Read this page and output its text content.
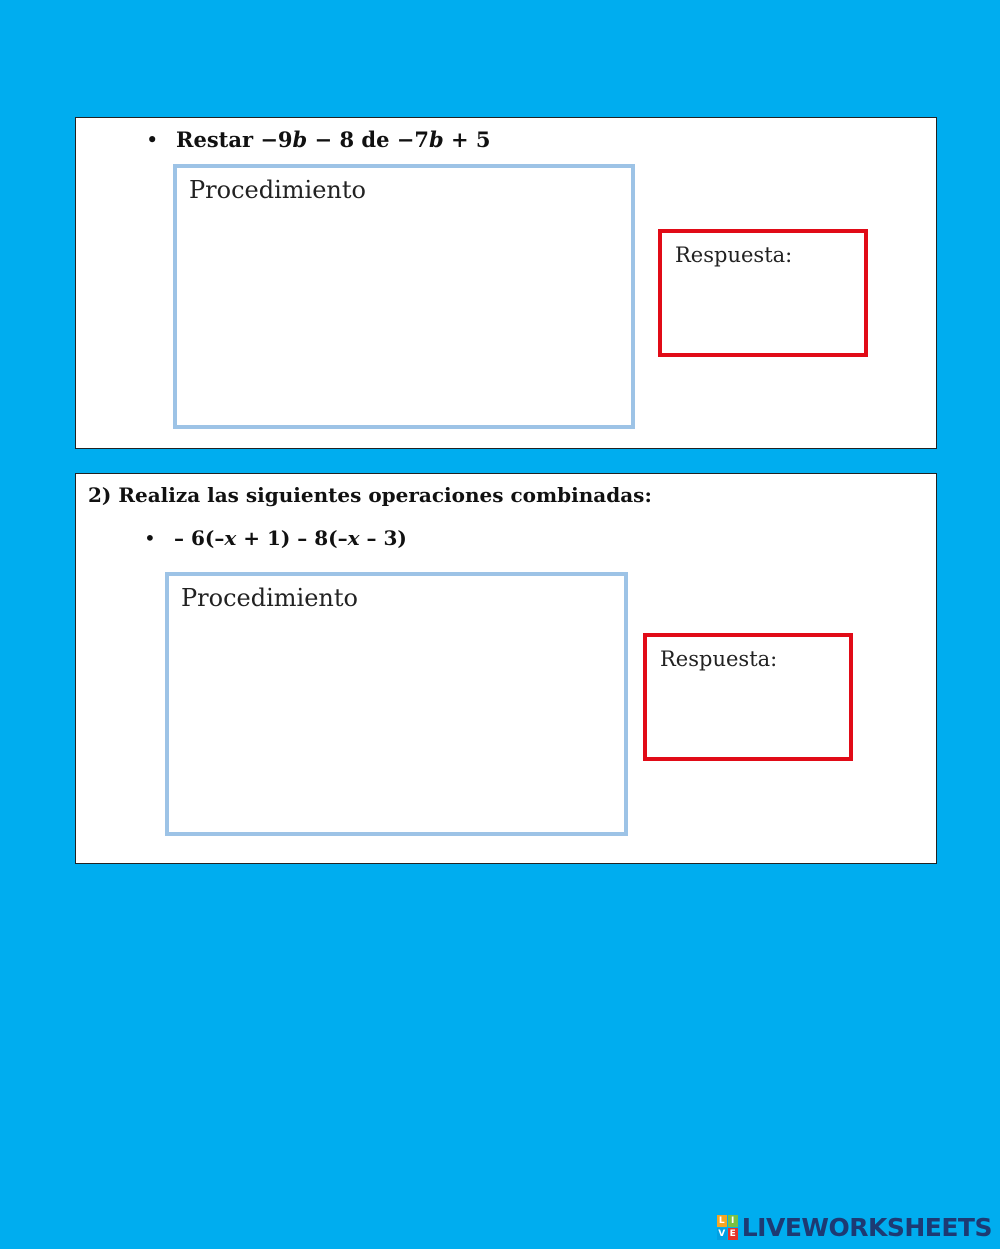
• Restar −9b − 8 de −7b + 5
Procedimiento
Respuesta:
2) Realiza las siguientes operaciones combinadas:
• – 6(–x + 1) – 8(–x – 3)
Procedimiento
Respuesta:
L I
V E LIVEWORKSHEETS
